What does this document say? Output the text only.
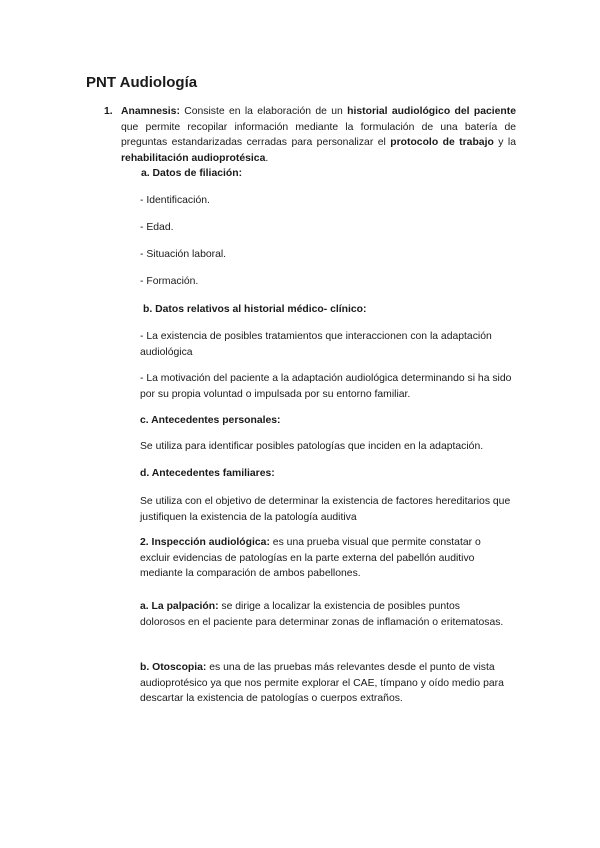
PNT Audiología
1. Anamnesis: Consiste en la elaboración de un historial audiológico del paciente que permite recopilar información mediante la formulación de una batería de preguntas estandarizadas cerradas para personalizar el protocolo de trabajo y la rehabilitación audioprotésica.

a. Datos de filiación:

- Identificación.

- Edad.

- Situación laboral.

- Formación.

b. Datos relativos al historial médico- clínico:

- La existencia de posibles tratamientos que interaccionen con la adaptación audiológica

- La motivación del paciente a la adaptación audiológica determinando si ha sido por su propia voluntad o impulsada por su entorno familiar.

c. Antecedentes personales:

Se utiliza para identificar posibles patologías que inciden en la adaptación.

d. Antecedentes familiares:

Se utiliza con el objetivo de determinar la existencia de factores hereditarios que justifiquen la existencia de la patología auditiva

2. Inspección audiológica: es una prueba visual que permite constatar o excluir evidencias de patologías en la parte externa del pabellón auditivo mediante la comparación de ambos pabellones.

a. La palpación: se dirige a localizar la existencia de posibles puntos dolorosos en el paciente para determinar zonas de inflamación o eritematosas.

b. Otoscopia: es una de las pruebas más relevantes desde el punto de vista audioprotésico ya que nos permite explorar el CAE, tímpano y oído medio para descartar la existencia de patologías o cuerpos extraños.
